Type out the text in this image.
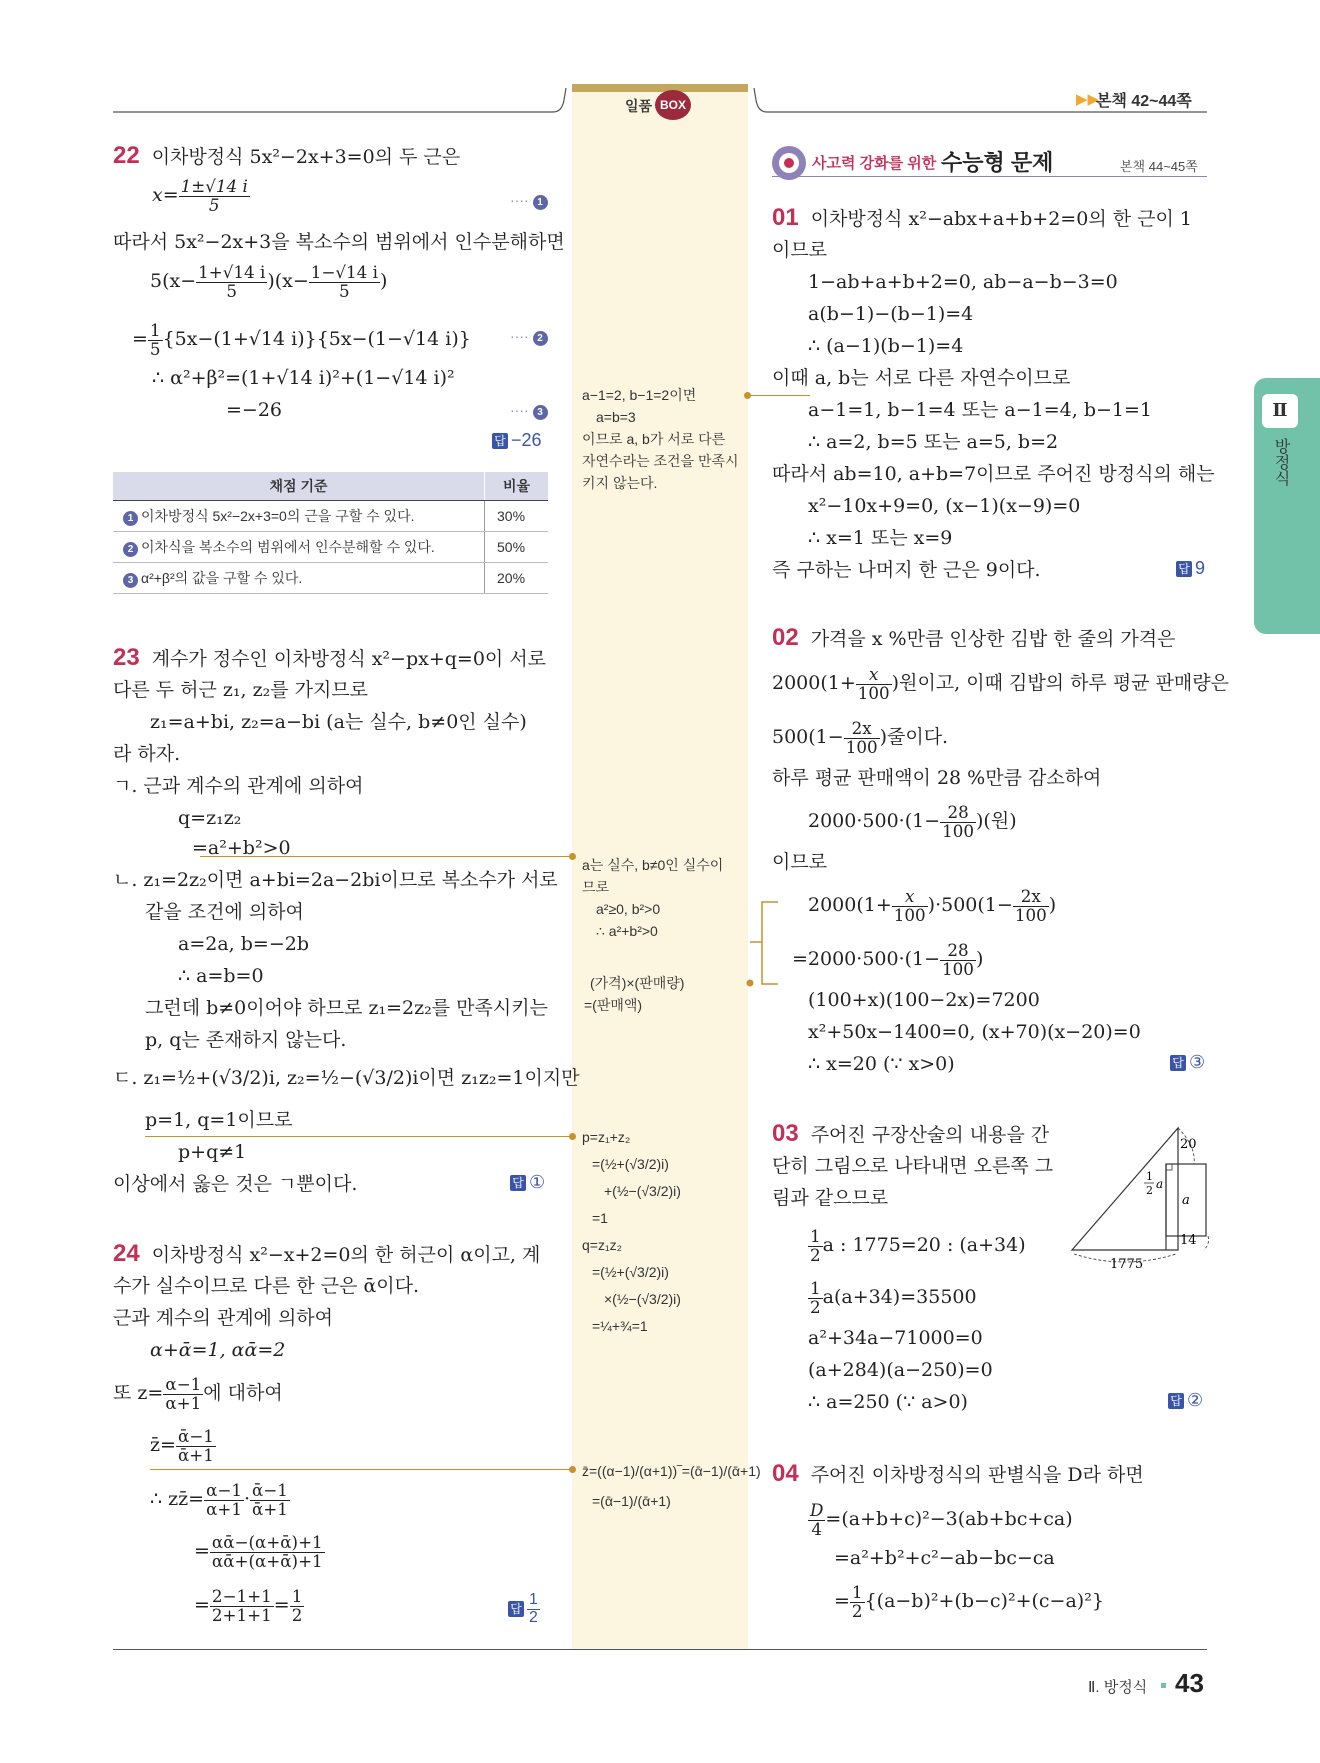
일품 BOX	▶▶
본책 42~44쪽
Ⅱ
방정식
22 이차방정식 5x²−2x+3=0의 두 근은
$x= \frac{1\pm√14 i}{5}$	···· 1
따라서 5x²−2x+3을 복소수의 범위에서 인수분해하면
$5(x- \frac{1+√14 i}{5} )(x- \frac{1-√14 i}{5}$ )
= $\frac{1}{5} \{5x-(1+√14$ i)}{5x−(1−√14 i)}	···· 2
∴ α²+β²=(1+√14 i)²+(1−√14 i)²
=−26	···· 3
답 −26
채점 기준	비율
1 이차방정식 5x²−2x+3=0의 근을 구할 수 있다.	30%
2 이차식을 복소수의 범위에서 인수분해할 수 있다.	50%
3 α²+β²의 값을 구할 수 있다.	20%
23 계수가 정수인 이차방정식 x²−px+q=0이 서로
다른 두 허근 z₁, z₂를 가지므로
z₁=a+bi, z₂=a−bi (a는 실수, b≠0인 실수)
라 하자.
ㄱ. 근과 계수의 관계에 의하여
q=z₁z₂
=a²+b²>0
ㄴ. z₁=2z₂이면 a+bi=2a−2bi이므로 복소수가 서로
같을 조건에 의하여
a=2a, b=−2b
∴ a=b=0
그런데 b≠0이어야 하므로 z₁=2z₂를 만족시키는
p, q는 존재하지 않는다.
ㄷ. z₁=½+(√3/2)i, z₂=½−(√3/2)i이면 z₁z₂=1이지만
p=1, q=1이므로
p+q≠1
이상에서 옳은 것은 ㄱ뿐이다.	답 ①
24 이차방정식 x²−x+2=0의 한 허근이 α이고, 계
수가 실수이므로 다른 한 근은 ᾱ이다.
근과 계수의 관계에 의하여
α+ᾱ=1, αᾱ=2
또 $z= \frac{\alpha-1}{\alpha+1}$ 에 대하여
z̄= $\frac{\text{ᾱ−1}}{\text{ᾱ+1}}$
∴ zz̄= $\frac{\alpha-1}{\alpha+1} \cdot \frac{\text{ᾱ−1}}{\text{ᾱ+1}}$
= $\frac{\text{αᾱ−(α+ᾱ)+1}}{\text{αᾱ+(α+ᾱ)+1}}$
= $\frac{2-1+1}{2+1+1} = \frac{1}{2}$	답 $\frac{1}{2}$
a−1=2, b−1=2이면
a=b=3
이므로 a, b가 서로 다른
자연수라는 조건을 만족시
키지 않는다.
a는 실수, b≠0인 실수이
므로
a²≥0, b²>0
∴ a²+b²>0
(가격)×(판매량)
=(판매액)
p=z₁+z₂
=(½+(√3/2)i)
+(½−(√3/2)i)
=1
q=z₁z₂
=(½+(√3/2)i)
×(½−(√3/2)i)
=¼+¾=1
z̄=((α−1)/(α+1))‾=(ᾱ−1)/(ᾱ+1)
=(ᾱ−1)/(ᾱ+1)
사고력 강화를 위한 수능형 문제	본책 44~45쪽
01 이차방정식 x²−abx+a+b+2=0의 한 근이 1
이므로
1−ab+a+b+2=0, ab−a−b−3=0
a(b−1)−(b−1)=4
∴ (a−1)(b−1)=4
이때 a, b는 서로 다른 자연수이므로
a−1=1, b−1=4 또는 a−1=4, b−1=1
∴ a=2, b=5 또는 a=5, b=2
따라서 ab=10, a+b=7이므로 주어진 방정식의 해는
x²−10x+9=0, (x−1)(x−9)=0
∴ x=1 또는 x=9
즉 구하는 나머지 한 근은 9이다.	답 9
02 가격을 x %만큼 인상한 김밥 한 줄의 가격은
$2000(1+ \frac{x}{100}$ )원이고, 이때 김밥의 하루 평균 판매량은
$500(1- \frac{2x}{100}$ )줄이다.
하루 평균 판매액이 28 %만큼 감소하여
$2000\cdot 500\cdot(1- \frac{28}{100}$ )(원)
이므로
$2000(1+ \frac{x}{100} )\cdot 500(1- \frac{2x}{100}$ )
$=2000\cdot 500\cdot(1- \frac{28}{100}$ )
(100+x)(100−2x)=7200
x²+50x−1400=0, (x+70)(x−20)=0
∴ x=20 (∵ x>0)	답 ③
03 주어진 구장산술의 내용을 간
단히 그림으로 나타내면 오른쪽 그
림과 같으므로
$\frac{1}{2}$ a : 1775=20 : (a+34)
$\frac{1}{2} a(a+34)=35500$
a²+34a−71000=0
(a+284)(a−250)=0
∴ a=250 (∵ a>0)	답 ②
20
14
1775
a
1
2 a
04 주어진 이차방정식의 판별식을 D라 하면
$\frac{D}{4} =(a+b+c)^2-3(ab+bc+ca)$
=a²+b²+c²−ab−bc−ca
= $\frac{1}{2} \{(a-b)^2+(b-c)^2+(c-a)^2\}$
Ⅱ. 방정식 43
